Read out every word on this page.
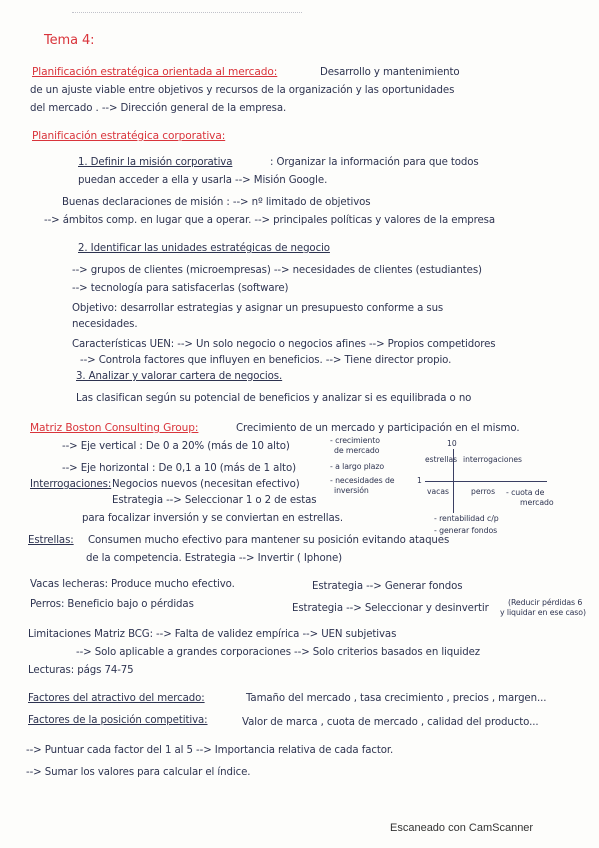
Tema 4:
Planificación estratégica orientada al mercado:	Desarrollo y mantenimiento
de un ajuste viable entre objetivos y recursos de la organización y las oportunidades
del mercado . --> Dirección general de la empresa.
Planificación estratégica corporativa:
1. Definir la misión corporativa	: Organizar la información para que todos
puedan acceder a ella y usarla --> Misión Google.
Buenas declaraciones de misión : --> nº limitado de objetivos
--> ámbitos comp. en lugar que a operar. --> principales políticas y valores de la empresa
2. Identificar las unidades estratégicas de negocio
--> grupos de clientes (microempresas) --> necesidades de clientes (estudiantes)
--> tecnología para satisfacerlas (software)
Objetivo: desarrollar estrategias y asignar un presupuesto conforme a sus
necesidades.
Características UEN: --> Un solo negocio o negocios afines --> Propios competidores
--> Controla factores que influyen en beneficios. --> Tiene director propio.
3. Analizar y valorar cartera de negocios.
Las clasifican según su potencial de beneficios y analizar si es equilibrada o no
Matriz Boston Consulting Group:	Crecimiento de un mercado y participación en el mismo.
--> Eje vertical : De 0 a 20% (más de 10 alto)
--> Eje horizontal : De 0,1 a 10 (más de 1 alto)
- crecimiento
de mercado
- a largo plazo
- necesidades de
inversión
10
estrellas interrogaciones
vacas	perros
1
- cuota de
mercado
- rentabilidad c/p
- generar fondos
Interrogaciones: Negocios nuevos (necesitan efectivo)
Estrategia --> Seleccionar 1 o 2 de estas
para focalizar inversión y se conviertan en estrellas.
Estrellas: Consumen mucho efectivo para mantener su posición evitando ataques
de la competencia. Estrategia --> Invertir ( Iphone)
Vacas lecheras: Produce mucho efectivo.	Estrategia --> Generar fondos
Perros: Beneficio bajo o pérdidas	Estrategia --> Seleccionar y desinvertir
(Reducir pérdidas 6
y liquidar en ese caso)
Limitaciones Matriz BCG: --> Falta de validez empírica --> UEN subjetivas
--> Solo aplicable a grandes corporaciones --> Solo criterios basados en liquidez
Lecturas: págs 74-75
Factores del atractivo del mercado:	Tamaño del mercado , tasa crecimiento , precios , margen...
Factores de la posición competitiva:	Valor de marca , cuota de mercado , calidad del producto...
--> Puntuar cada factor del 1 al 5 --> Importancia relativa de cada factor.
--> Sumar los valores para calcular el índice.
Escaneado con CamScanner
